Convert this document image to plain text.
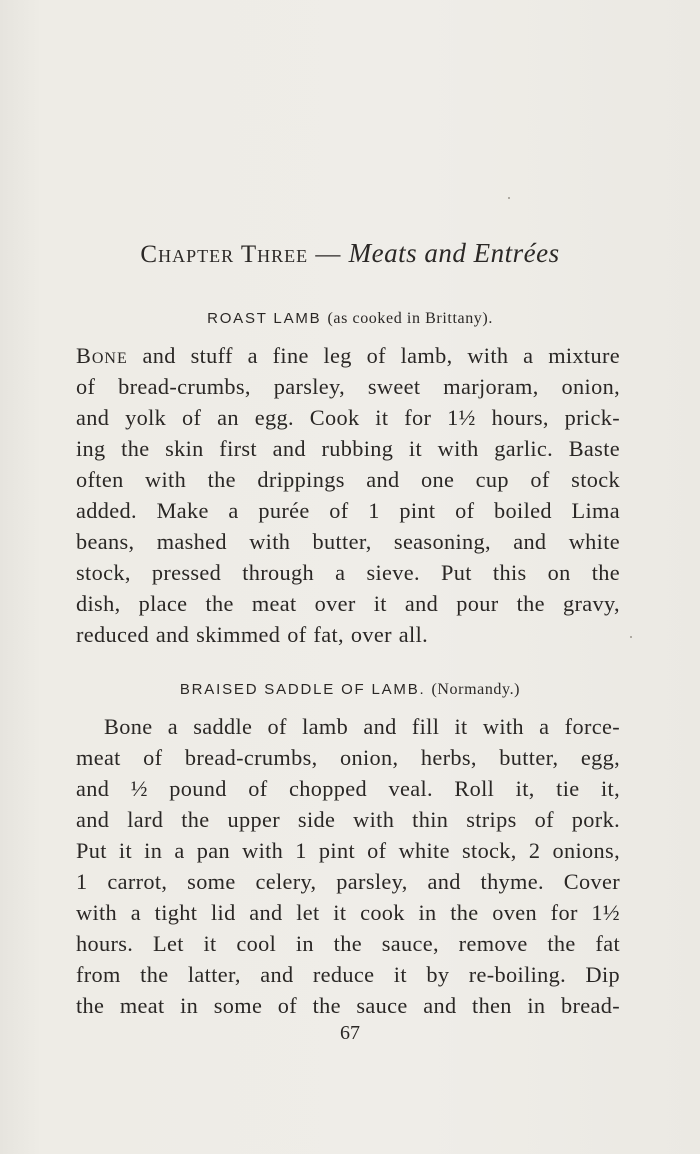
Chapter Three — Meats and Entrées
ROAST LAMB (as cooked in Brittany).
Bone and stuff a fine leg of lamb, with a mixture
of bread-crumbs, parsley, sweet marjoram, onion,
and yolk of an egg. Cook it for 1½ hours, prick-
ing the skin first and rubbing it with garlic. Baste
often with the drippings and one cup of stock
added. Make a purée of 1 pint of boiled Lima
beans, mashed with butter, seasoning, and white
stock, pressed through a sieve. Put this on the
dish, place the meat over it and pour the gravy,
reduced and skimmed of fat, over all.
BRAISED SADDLE OF LAMB. (Normandy.)
Bone a saddle of lamb and fill it with a force-
meat of bread-crumbs, onion, herbs, butter, egg,
and ½ pound of chopped veal. Roll it, tie it,
and lard the upper side with thin strips of pork.
Put it in a pan with 1 pint of white stock, 2 onions,
1 carrot, some celery, parsley, and thyme. Cover
with a tight lid and let it cook in the oven for 1½
hours. Let it cool in the sauce, remove the fat
from the latter, and reduce it by re-boiling. Dip
the meat in some of the sauce and then in bread-
67
